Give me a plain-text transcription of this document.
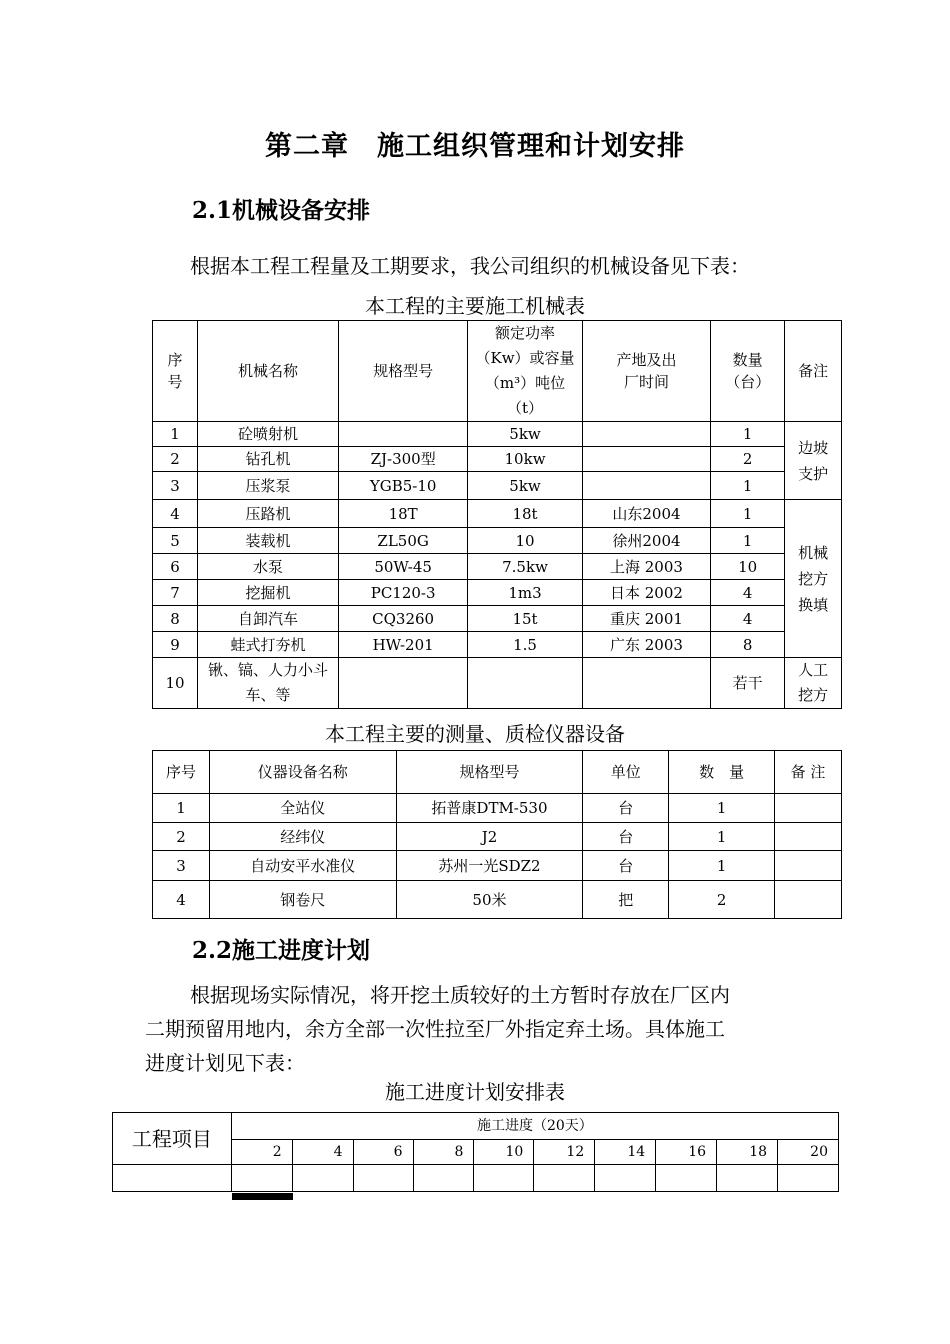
第二章　施工组织管理和计划安排
2.1机械设备安排
根据本工程工程量及工期要求，我公司组织的机械设备见下表：
本工程的主要施工机械表
序号	机械名称	规格型号	额定功率（Kw）或容量（m³）吨位（t）	产地及出厂时间	数量（台）	备注
1	砼喷射机		5kw		1	边坡支护
2	钻孔机	ZJ-300型	10kw		2	
3	压浆泵	YGB5-10	5kw		1	
4	压路机	18T	18t	山东2004	1	机械挖方换填
5	装载机	ZL50G	10	徐州2004	1	
6	水泵	50W-45	7.5kw	上海 2003	10	
7	挖掘机	PC120-3	1m3	日本 2002	4	
8	自卸汽车	CQ3260	15t	重庆 2001	4	
9	蛙式打夯机	HW-201	1.5	广东 2003	8	
10	锹、镐、人力小斗车、等				若干	人工挖方
本工程主要的测量、质检仪器设备
序号	仪器设备名称	规格型号	单位	数　量	备 注
1	全站仪	拓普康DTM-530	台	1	
2	经纬仪	J2	台	1	
3	自动安平水准仪	苏州一光SDZ2	台	1	
4	钢卷尺	50米	把	2	
2.2施工进度计划
根据现场实际情况，将开挖土质较好的土方暂时存放在厂区内
二期预留用地内，余方全部一次性拉至厂外指定弃土场。具体施工
进度计划见下表：
施工进度计划安排表
工程项目	施工进度（20天）									
	2	4	6	8	10	12	14	16	18	20
